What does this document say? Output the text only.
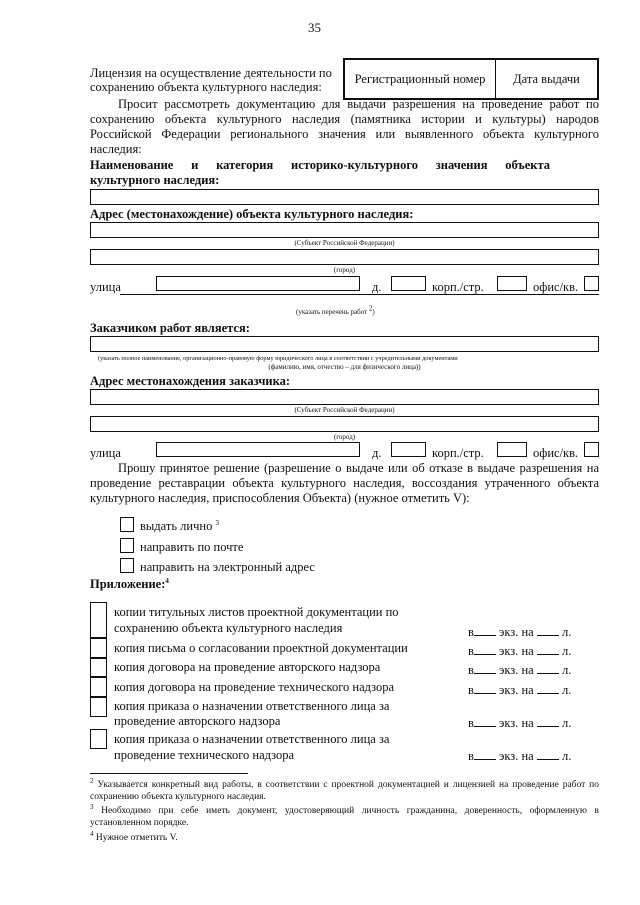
35
Лицензия на осуществление деятельности по
сохранению объекта культурного наследия:
Регистрационный номер	Дата выдачи
Просит рассмотреть документацию для выдачи разрешения на проведение работ по сохранению объекта культурного наследия (памятника истории и культуры) народов Российской Федерации регионального значения или выявленного объекта культурного наследия:
Наименование и категория историко-культурного значения объекта культурного наследия:
Адрес (местонахождение) объекта культурного наследия:
(Субъект Российской Федерации)
(город)
улица	д.	корп./стр.	офис/кв.
(указать перечень работ $^2$)
Заказчиком работ является:
(указать полное наименование, организационно-правовую форму юридического лица в соответствии с учредительными документами
(фамилию, имя, отчество – для физического лица))
Адрес местонахождения заказчика:
(Субъект Российской Федерации)
(город)
улица	д.	корп./стр.	офис/кв.
Прошу принятое решение (разрешение о выдаче или об отказе в выдаче разрешения на проведение реставрации объекта культурного наследия, воссоздания утраченного объекта культурного наследия, приспособления Объекта) (нужное отметить V):
выдать лично $^3$
направить по почте
направить на электронный адрес
Приложение:$^4$
копии титульных листов проектной документации по
сохранению объекта культурного наследия	в экз. на л.
копия письма о согласовании проектной документации	в экз. на л.
копия договора на проведение авторского надзора	в экз. на л.
копия договора на проведение технического надзора	в экз. на л.
копия приказа о назначении ответственного лица за
проведение авторского надзора	в экз. на л.
копия приказа о назначении ответственного лица за
проведение технического надзора	в экз. на л.
$^2$ Указывается конкретный вид работы, в соответствии с проектной документацией и лицензией на проведение работ по сохранению объекта культурного наследия.
$^3$ Необходимо при себе иметь документ, удостоверяющий личность гражданина, доверенность, оформленную в установленном порядке.
$^4$ Нужное отметить V.
